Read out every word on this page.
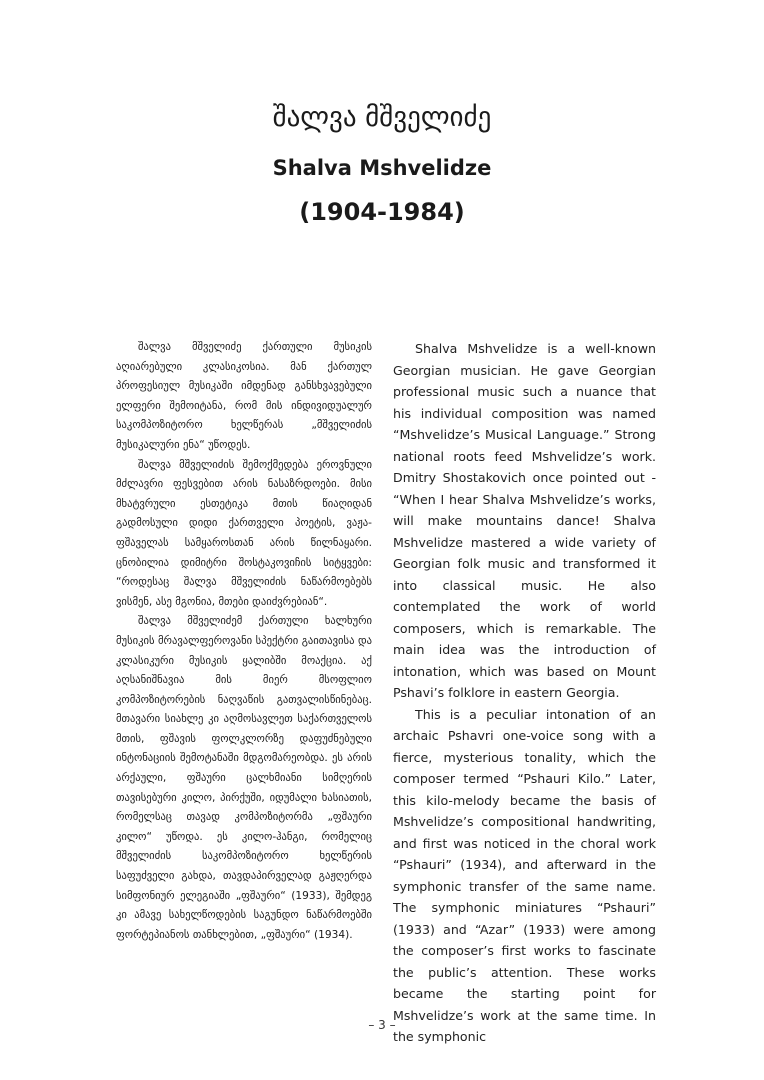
შალვა მშველიძე
Shalva Mshvelidze
(1904-1984)

შალვა მშველიძე ქართული მუსიკის აღიარებული კლასიკოსია. მან ქართულ პროფესიულ მუსიკაში იმდენად განსხვავებული ელფერი შემოიტანა, რომ მის ინდივიდუალურ საკომპოზიტორო ხელწერას „მშველიძის მუსიკალური ენა“ უწოდეს.

შალვა მშველიძის შემოქმედება ეროვნული მძლავრი ფესვებით არის ნასაზრდოები. მისი მხატვრული ესთეტიკა მთის წიაღიდან გადმოსული დიდი ქართველი პოეტის, ვაჟა-ფშაველას სამყაროსთან არის წილნაყარი. ცნობილია დიმიტრი შოსტაკოვიჩის სიტყვები: “როდესაც შალვა მშველიძის ნაწარმოებებს ვისმენ, ასე მგონია, მთები დაიძვრებიან“.

შალვა მშველიძემ ქართული ხალხური მუსიკის მრავალფეროვანი სპექტრი გაითავისა და კლასიკური მუსიკის ყალიბში მოაქცია. აქ აღსანიშნავია მის მიერ მსოფლიო კომპოზიტორების ნაღვაწის გათვალისწინებაც. მთავარი სიახლე კი აღმოსავლეთ საქართველოს მთის, ფშავის ფოლკლორზე დაფუძნებული ინტონაციის შემოტანაში მდგომარეობდა. ეს არის არქაული, ფშაური ცალხმიანი სიმღერის თავისებური კილო, პირქუში, იდუმალი ხასიათის, რომელსაც თავად კომპოზიტორმა „ფშაური კილო“ უწოდა. ეს კილო-ჰანგი, რომელიც მშველიძის საკომპოზიტორო ხელწერის საფუძველი გახდა, თავდაპირველად გაჟღერდა სიმფონიურ ელეგიაში „ფშაური“ (1933), შემდეგ კი ამავე სახელწოდების საგუნდო ნაწარმოებში ფორტეპიანოს თანხლებით, „ფშაური“ (1934).

Shalva Mshvelidze is a well-known Georgian musician. He gave Georgian professional music such a nuance that his individual composition was named “Mshvelidze’s Musical Language.” Strong national roots feed Mshvelidze’s work. Dmitry Shostakovich once pointed out - “When I hear Shalva Mshvelidze’s works, will make mountains dance! Shalva Mshvelidze mastered a wide variety of Georgian folk music and transformed it into classical music. He also contemplated the work of world composers, which is remarkable. The main idea was the introduction of intonation, which was based on Mount Pshavi’s folklore in eastern Georgia.

This is a peculiar intonation of an archaic Pshavri one-voice song with a fierce, mysterious tonality, which the composer termed “Pshauri Kilo.” Later, this kilo-melody became the basis of Mshvelidze’s compositional handwriting, and first was noticed in the choral work “Pshauri” (1934), and afterward in the symphonic transfer of the same name. The symphonic miniatures “Pshauri” (1933) and “Azar” (1933) were among the composer’s first works to fascinate the public’s attention. These works became the starting point for Mshvelidze’s work at the same time. In the symphonic

– 3 –
